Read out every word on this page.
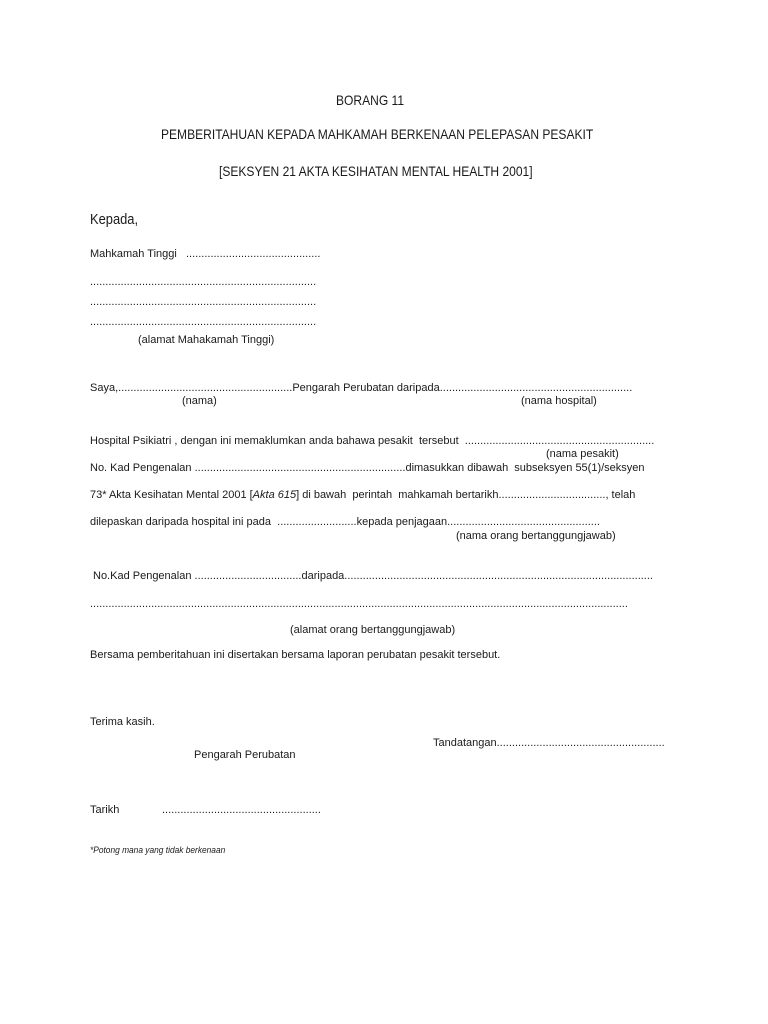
BORANG 11
PEMBERITAHUAN KEPADA MAHKAMAH BERKENAAN PELEPASAN PESAKIT
[SEKSYEN 21 AKTA KESIHATAN MENTAL HEALTH 2001]
Kepada,
Mahkamah Tinggi   ............................................
..........................................................................
..........................................................................
..........................................................................
(alamat Mahakamah Tinggi)
Saya,.........................................................Pengarah Perubatan daripada...............................................................
(nama)	(nama hospital)
Hospital Psikiatri , dengan ini memaklumkan anda bahawa pesakit  tersebut  ..............................................................
(nama pesakit)
No. Kad Pengenalan .....................................................................dimasukkan dibawah  subseksyen 55(1)/seksyen
73* Akta Kesihatan Mental 2001 [Akta 615] di bawah  perintah  mahkamah bertarikh..................................., telah
dilepaskan daripada hospital ini pada  ..........................kepada penjagaan..................................................
(nama orang bertanggungjawab)
No.Kad Pengenalan ...................................daripada.....................................................................................................
................................................................................................................................................................................
(alamat orang bertanggungjawab)
Bersama pemberitahuan ini disertakan bersama laporan perubatan pesakit tersebut.
Terima kasih.
Tandatangan.......................................................
Pengarah Perubatan
Tarikh	....................................................
*Potong mana yang tidak berkenaan
